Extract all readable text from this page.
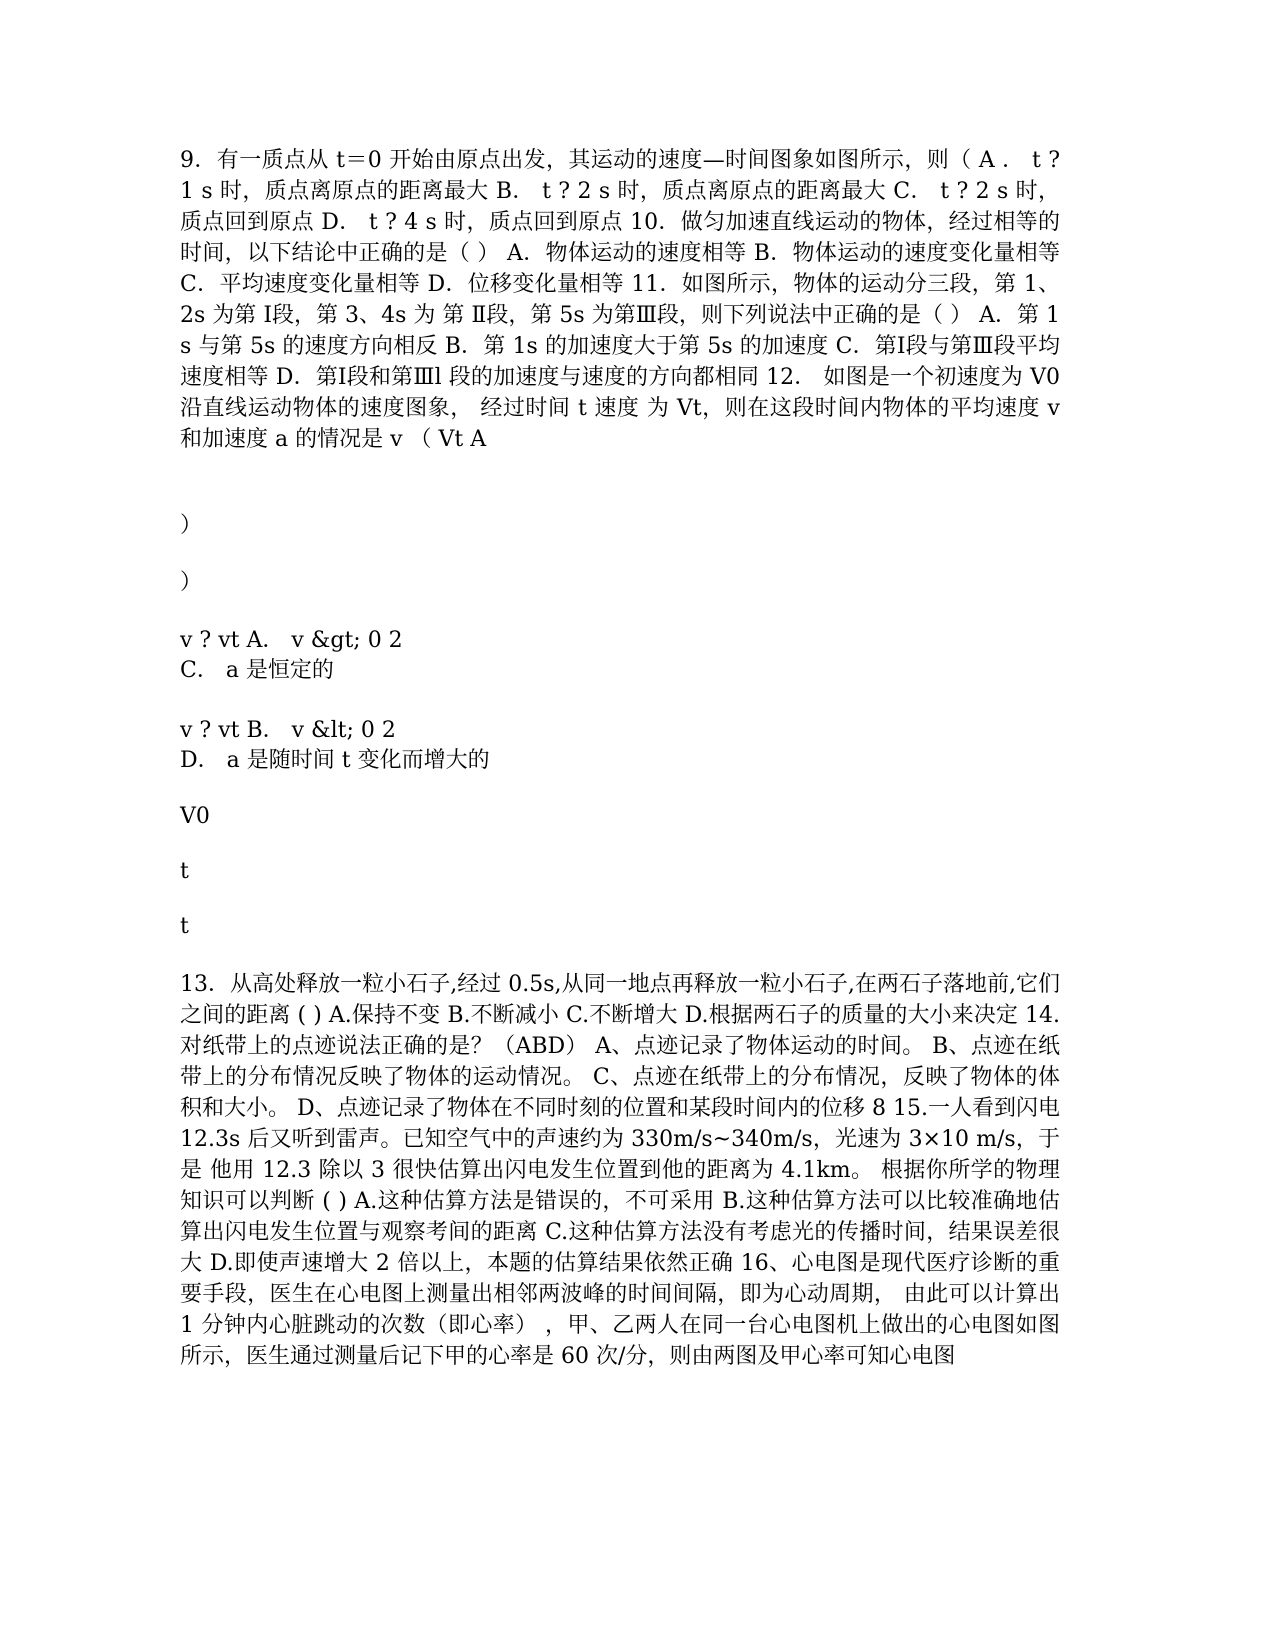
9．有一质点从 t＝0 开始由原点出发，其运动的速度—时间图象如图所示，则（ A ． t ? 1 s 时，质点离原点的距离最大 B． t ? 2 s 时，质点离原点的距离最大 C． t ? 2 s 时，质点回到原点 D． t ? 4 s 时，质点回到原点 10．做匀加速直线运动的物体，经过相等的时间，以下结论中正确的是（ ） A．物体运动的速度相等 B．物体运动的速度变化量相等 C．平均速度变化量相等 D．位移变化量相等 11．如图所示，物体的运动分三段，第 1、2s 为第 Ⅰ段，第 3、4s 为 第 Ⅱ段，第 5s 为第Ⅲ段，则下列说法中正确的是（ ） A．第 1s 与第 5s 的速度方向相反 B．第 1s 的加速度大于第 5s 的加速度 C．第Ⅰ段与第Ⅲ段平均速度相等 D．第Ⅰ段和第Ⅲl 段的加速度与速度的方向都相同 12． 如图是一个初速度为 V0 沿直线运动物体的速度图象， 经过时间 t 速度 为 Vt，则在这段时间内物体的平均速度 v 和加速度 a 的情况是 v （ Vt A
）
）
v ? vt A． v &gt; 0 2
C． a 是恒定的
v ? vt B． v &lt; 0 2
D． a 是随时间 t 变化而增大的
V0
t
t
13．从高处释放一粒小石子,经过 0.5s,从同一地点再释放一粒小石子,在两石子落地前,它们之间的距离 ( ) A.保持不变 B.不断减小 C.不断增大 D.根据两石子的质量的大小来决定 14.对纸带上的点迹说法正确的是？（ABD） A、点迹记录了物体运动的时间。 B、点迹在纸带上的分布情况反映了物体的运动情况。 C、点迹在纸带上的分布情况，反映了物体的体积和大小。 D、点迹记录了物体在不同时刻的位置和某段时间内的位移 8 15.一人看到闪电 12.3s 后又听到雷声。已知空气中的声速约为 330m/s~340m/s，光速为 3×10 m/s，于是 他用 12.3 除以 3 很快估算出闪电发生位置到他的距离为 4.1km。 根据你所学的物理知识可以判断 ( ) A.这种估算方法是错误的，不可采用 B.这种估算方法可以比较准确地估算出闪电发生位置与观察考间的距离 C.这种估算方法没有考虑光的传播时间，结果误差很大 D.即使声速增大 2 倍以上，本题的估算结果依然正确 16、心电图是现代医疗诊断的重要手段，医生在心电图上测量出相邻两波峰的时间间隔，即为心动周期， 由此可以计算出 1 分钟内心脏跳动的次数（即心率） ，甲、乙两人在同一台心电图机上做出的心电图如图所示，医生通过测量后记下甲的心率是 60 次/分，则由两图及甲心率可知心电图
